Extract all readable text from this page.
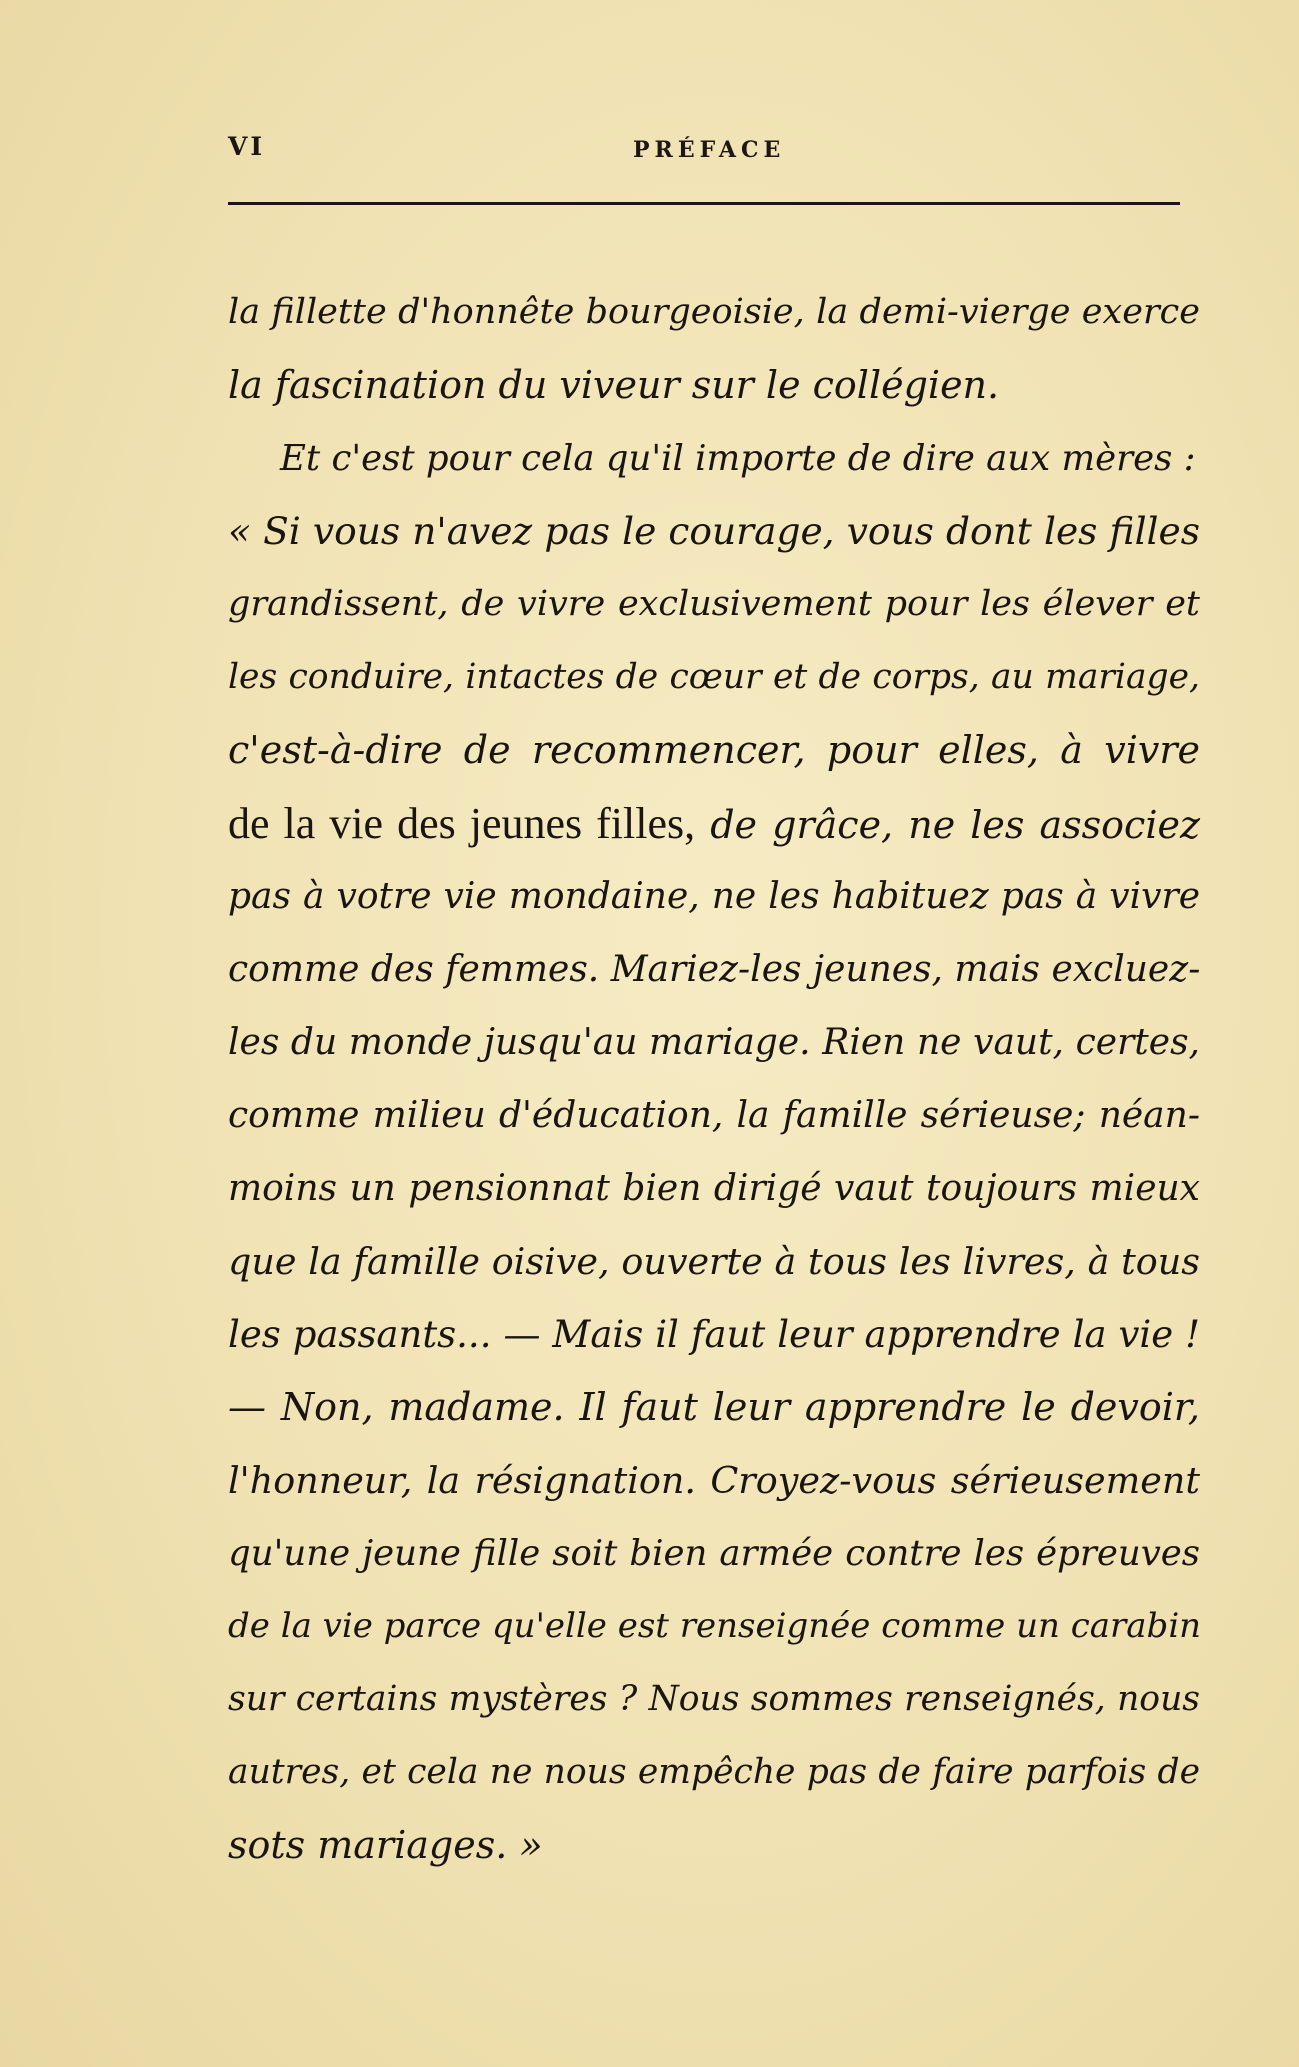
VI	PRÉFACE
la fillette d'honnête bourgeoisie, la demi-vierge exerce
la fascination du viveur sur le collégien.
Et c'est pour cela qu'il importe de dire aux mères :
« Si vous n'avez pas le courage, vous dont les filles
grandissent, de vivre exclusivement pour les élever et
les conduire, intactes de cœur et de corps, au mariage,
c'est-à-dire de recommencer, pour elles, à vivre
de la vie des jeunes filles, de grâce, ne les associez
pas à votre vie mondaine, ne les habituez pas à vivre
comme des femmes. Mariez-les jeunes, mais excluez-
les du monde jusqu'au mariage. Rien ne vaut, certes,
comme milieu d'éducation, la famille sérieuse; néan-
moins un pensionnat bien dirigé vaut toujours mieux
que la famille oisive, ouverte à tous les livres, à tous
les passants... — Mais il faut leur apprendre la vie !
— Non, madame. Il faut leur apprendre le devoir,
l'honneur, la résignation. Croyez-vous sérieusement
qu'une jeune fille soit bien armée contre les épreuves
de la vie parce qu'elle est renseignée comme un carabin
sur certains mystères ? Nous sommes renseignés, nous
autres, et cela ne nous empêche pas de faire parfois de
sots mariages. »
